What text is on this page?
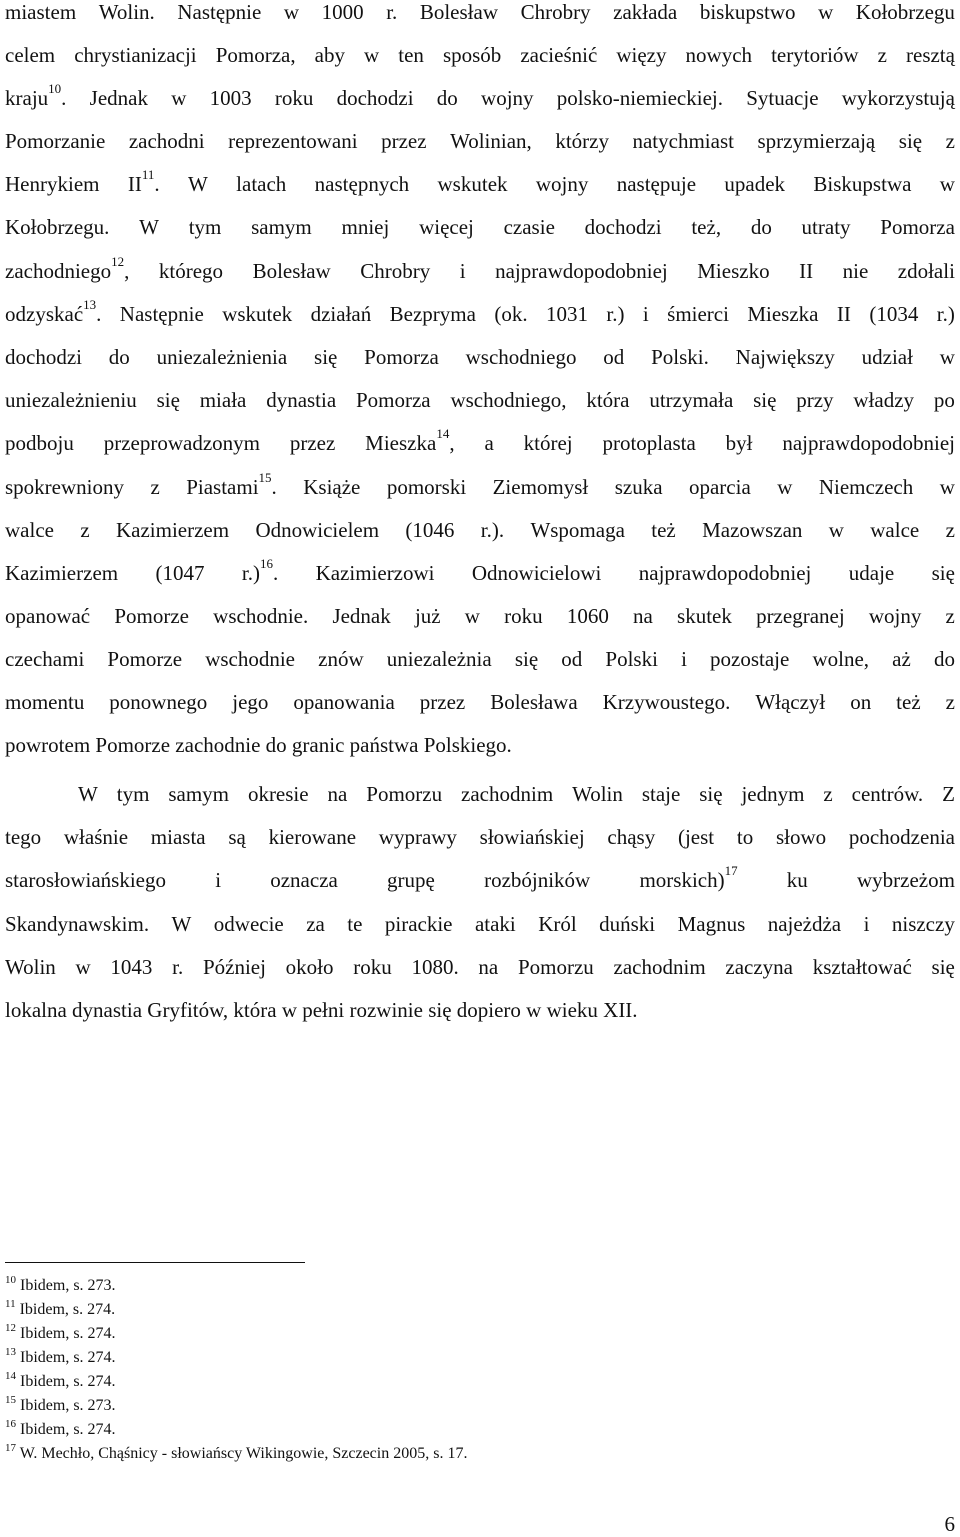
miastem Wolin. Następnie w 1000 r. Bolesław Chrobry zakłada biskupstwo w Kołobrzegu
celem chrystianizacji Pomorza, aby w ten sposób zacieśnić więzy nowych terytoriów z resztą
kraju$^{10}$. Jednak w 1003 roku dochodzi do wojny polsko-niemieckiej. Sytuacje wykorzystują
Pomorzanie zachodni reprezentowani przez Wolinian, którzy natychmiast sprzymierzają się z
Henrykiem II$^{11}$. W latach następnych wskutek wojny następuje upadek Biskupstwa w
Kołobrzegu. W tym samym mniej więcej czasie dochodzi też, do utraty Pomorza
zachodniego$^{12}$, którego Bolesław Chrobry i najprawdopodobniej Mieszko II nie zdołali
odzyskać$^{13}$. Następnie wskutek działań Bezpryma (ok. 1031 r.) i śmierci Mieszka II (1034 r.)
dochodzi do uniezależnienia się Pomorza wschodniego od Polski. Największy udział w
uniezależnieniu się miała dynastia Pomorza wschodniego, która utrzymała się przy władzy po
podboju przeprowadzonym przez Mieszka$^{14}$, a której protoplasta był najprawdopodobniej
spokrewniony z Piastami$^{15}$. Książe pomorski Ziemomysł szuka oparcia w Niemczech w
walce z Kazimierzem Odnowicielem (1046 r.). Wspomaga też Mazowszan w walce z
Kazimierzem (1047 r.)$^{16}$. Kazimierzowi Odnowicielowi najprawdopodobniej udaje się
opanować Pomorze wschodnie. Jednak już w roku 1060 na skutek przegranej wojny z
czechami Pomorze wschodnie znów uniezależnia się od Polski i pozostaje wolne, aż do
momentu ponownego jego opanowania przez Bolesława Krzywoustego. Włączył on też z
powrotem Pomorze zachodnie do granic państwa Polskiego.
W tym samym okresie na Pomorzu zachodnim Wolin staje się jednym z centrów. Z
tego właśnie miasta są kierowane wyprawy słowiańskiej chąsy (jest to słowo pochodzenia
starosłowiańskiego i oznacza grupę rozbójników morskich)$^{17}$ ku wybrzeżom
Skandynawskim. W odwecie za te pirackie ataki Król duński Magnus najeżdża i niszczy
Wolin w 1043 r. Później około roku 1080. na Pomorzu zachodnim zaczyna kształtować się
lokalna dynastia Gryfitów, która w pełni rozwinie się dopiero w wieku XII.
$^{10}$ Ibidem, s. 273.
$^{11}$ Ibidem, s. 274.
$^{12}$ Ibidem, s. 274.
$^{13}$ Ibidem, s. 274.
$^{14}$ Ibidem, s. 274.
$^{15}$ Ibidem, s. 273.
$^{16}$ Ibidem, s. 274.
$^{17}$ W. Mechło, Chąśnicy - słowiańscy Wikingowie, Szczecin 2005, s. 17.
6
